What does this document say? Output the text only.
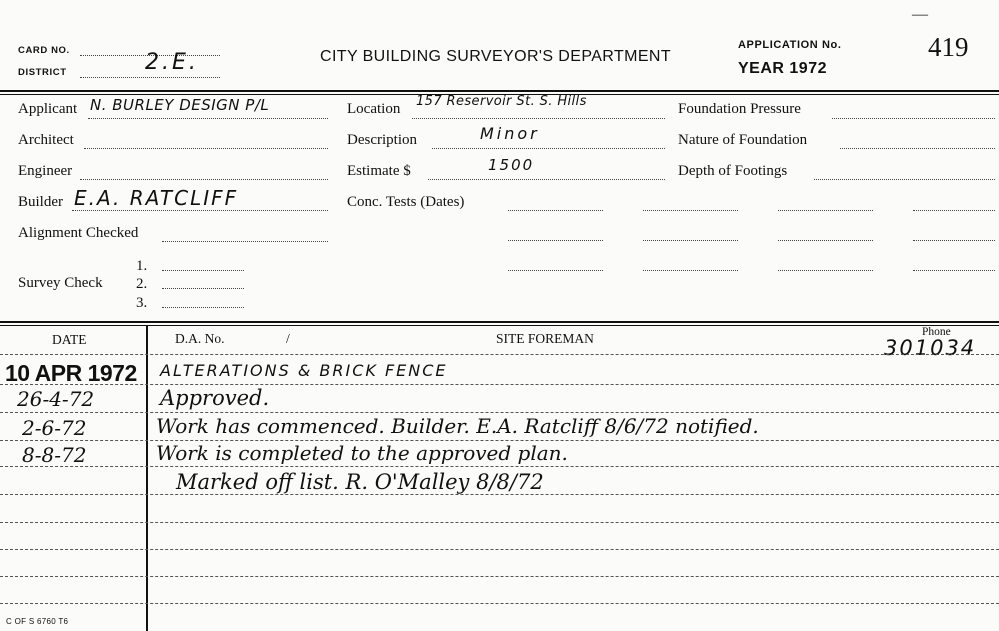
CARD NO.
DISTRICT	2.E.	CITY BUILDING SURVEYOR'S DEPARTMENT
APPLICATION No.
YEAR 1972
—
419
Applicant N. BURLEY DESIGN P/L
Architect
Engineer
Builder E.A. RATCLIFF
Alignment Checked
Survey Check
1.
2.
3.
Location 157 Reservoir St. S. Hills
Description	Minor
Estimate $	1500
Conc. Tests (Dates)
Foundation Pressure
Nature of Foundation
Depth of Footings
DATE	D.A. No.	/	SITE FOREMAN	Phone
301034
10 APR 1972 ALTERATIONS & BRICK FENCE
26-4-72	Approved.
2-6-72	Work has commenced. Builder. E.A. Ratcliff 8/6/72 notified.
8-8-72	Work is completed to the approved plan.
Marked off list. R. O'Malley 8/8/72
C OF S 6760 T6
